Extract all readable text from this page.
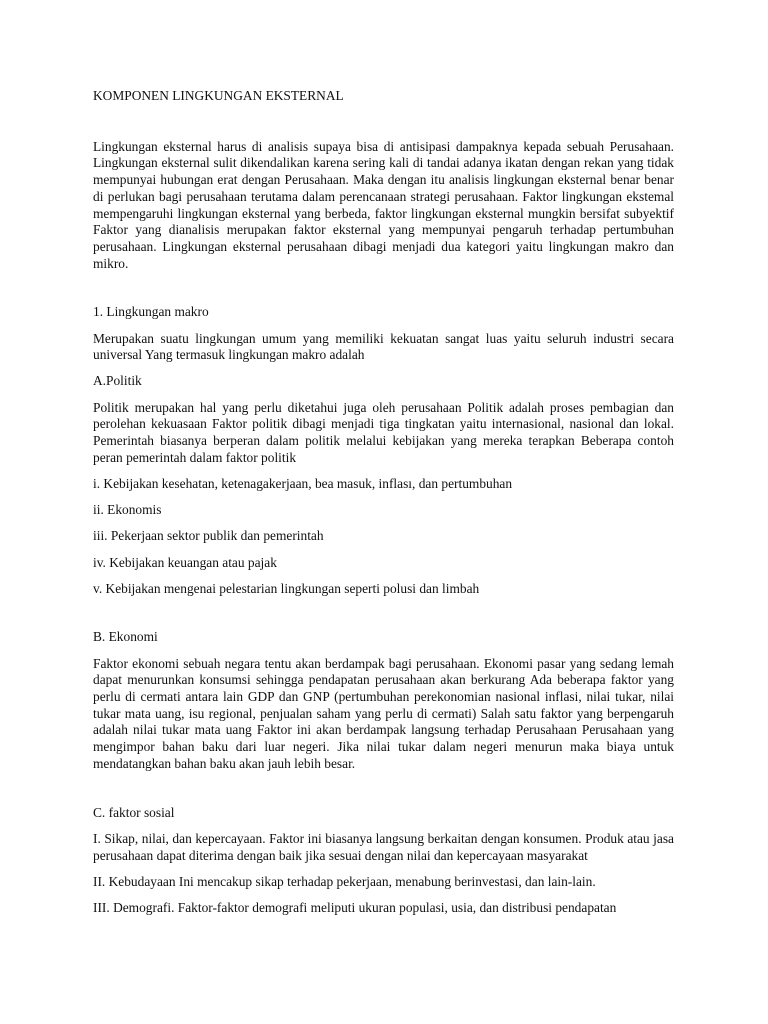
KOMPONEN LINGKUNGAN EKSTERNAL

Lingkungan eksternal harus di analisis supaya bisa di antisipasi dampaknya kepada sebuah Perusahaan. Lingkungan eksternal sulit dikendalikan karena sering kali di tandai adanya ikatan dengan rekan yang tidak mempunyai hubungan erat dengan Perusahaan. Maka dengan itu analisis lingkungan eksternal benar benar di perlukan bagi perusahaan terutama dalam perencanaan strategi perusahaan. Faktor lingkungan ekstemal mempengaruhi lingkungan eksternal yang berbeda, faktor lingkungan eksternal mungkin bersifat subyektif Faktor yang dianalisis merupakan faktor eksternal yang mempunyai pengaruh terhadap pertumbuhan perusahaan. Lingkungan eksternal perusahaan dibagi menjadi dua kategori yaitu lingkungan makro dan mikro.

1. Lingkungan makro

Merupakan suatu lingkungan umum yang memiliki kekuatan sangat luas yaitu seluruh industri secara universal Yang termasuk lingkungan makro adalah

A.Politik

Politik merupakan hal yang perlu diketahui juga oleh perusahaan Politik adalah proses pembagian dan perolehan kekuasaan Faktor politik dibagi menjadi tiga tingkatan yaitu internasional, nasional dan lokal. Pemerintah biasanya berperan dalam politik melalui kebijakan yang mereka terapkan Beberapa contoh peran pemerintah dalam faktor politik

i. Kebijakan kesehatan, ketenagakerjaan, bea masuk, inflası, dan pertumbuhan

ii. Ekonomis

iii. Pekerjaan sektor publik dan pemerintah

iv. Kebijakan keuangan atau pajak

v. Kebijakan mengenai pelestarian lingkungan seperti polusi dan limbah

B. Ekonomi

Faktor ekonomi sebuah negara tentu akan berdampak bagi perusahaan. Ekonomi pasar yang sedang lemah dapat menurunkan konsumsi sehingga pendapatan perusahaan akan berkurang Ada beberapa faktor yang perlu di cermati antara lain GDP dan GNP (pertumbuhan perekonomian nasional inflasi, nilai tukar, nilai tukar mata uang, isu regional, penjualan saham yang perlu di cermati) Salah satu faktor yang berpengaruh adalah nilai tukar mata uang Faktor ini akan berdampak langsung terhadap Perusahaan Perusahaan yang mengimpor bahan baku dari luar negeri. Jika nilai tukar dalam negeri menurun maka biaya untuk mendatangkan bahan baku akan jauh lebih besar.

C. faktor sosial

I. Sikap, nilai, dan kepercayaan. Faktor ini biasanya langsung berkaitan dengan konsumen. Produk atau jasa perusahaan dapat diterima dengan baik jika sesuai dengan nilai dan kepercayaan masyarakat

II. Kebudayaan Ini mencakup sikap terhadap pekerjaan, menabung berinvestasi, dan lain-lain.

III. Demografi. Faktor-faktor demografi meliputi ukuran populasi, usia, dan distribusi pendapatan
